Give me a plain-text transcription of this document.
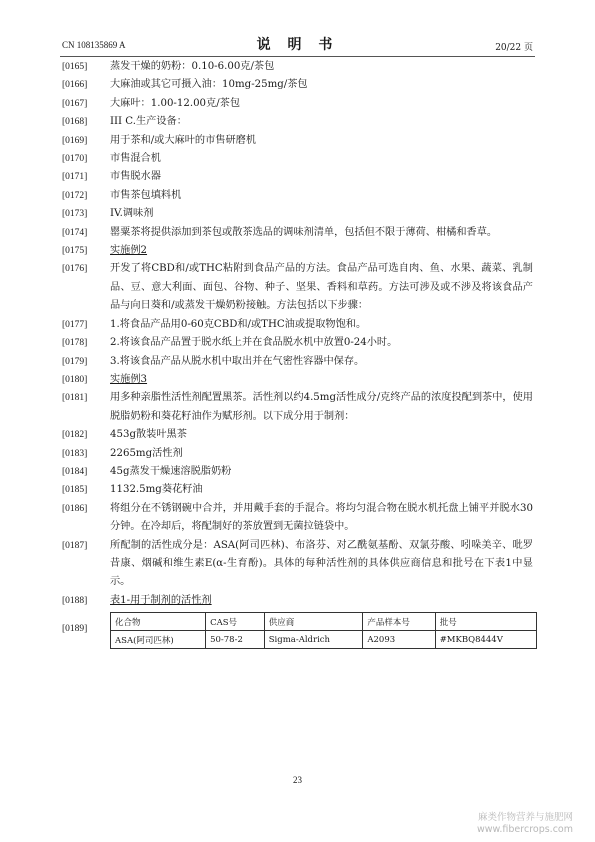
CN 108135869 A	说 明 书	20/22 页
[0165] 蒸发干燥的奶粉：0.10-6.00克/茶包
[0166] 大麻油或其它可摄入油：10mg-25mg/茶包
[0167] 大麻叶：1.00-12.00克/茶包
[0168] III C.生产设备：
[0169] 用于茶和/或大麻叶的市售研磨机
[0170] 市售混合机
[0171] 市售脱水器
[0172] 市售茶包填料机
[0173] IV.调味剂
[0174] 罂粟茶将提供添加到茶包或散茶选品的调味剂清单，包括但不限于薄荷、柑橘和香草。
[0175] 实施例2
[0176] 开发了将CBD和/或THC粘附到食品产品的方法。食品产品可选自肉、鱼、水果、蔬菜、乳制品、豆、意大利面、面包、谷物、种子、坚果、香料和草药。方法可涉及或不涉及将该食品产品与向日葵和/或蒸发干燥奶粉接触。方法包括以下步骤：
[0177] 1.将食品产品用0-60克CBD和/或THC油或提取物饱和。
[0178] 2.将该食品产品置于脱水纸上并在食品脱水机中放置0-24小时。
[0179] 3.将该食品产品从脱水机中取出并在气密性容器中保存。
[0180] 实施例3
[0181] 用多种亲脂性活性剂配置黑茶。活性剂以约4.5mg活性成分/克终产品的浓度投配到茶中，使用脱脂奶粉和葵花籽油作为赋形剂。以下成分用于制剂：
[0182] 453g散装叶黑茶
[0183] 2265mg活性剂
[0184] 45g蒸发干燥速溶脱脂奶粉
[0185] 1132.5mg葵花籽油
[0186] 将组分在不锈钢碗中合并，并用戴手套的手混合。将均匀混合物在脱水机托盘上铺平并脱水30分钟。在冷却后，将配制好的茶放置到无菌拉链袋中。
[0187] 所配制的活性成分是：ASA(阿司匹林)、布洛芬、对乙酰氨基酚、双氯芬酸、吲哚美辛、吡罗昔康、烟碱和维生素E(α-生育酚)。具体的每种活性剂的具体供应商信息和批号在下表1中显示。
[0188] 表1-用于制剂的活性剂
[0189]
化合物	CAS号	供应商	产品样本号	批号
ASA(阿司匹林)	50-78-2	Sigma-Aldrich	A2093	#MKBQ8444V
23
麻类作物营养与施肥网
www.fibercrops.com
